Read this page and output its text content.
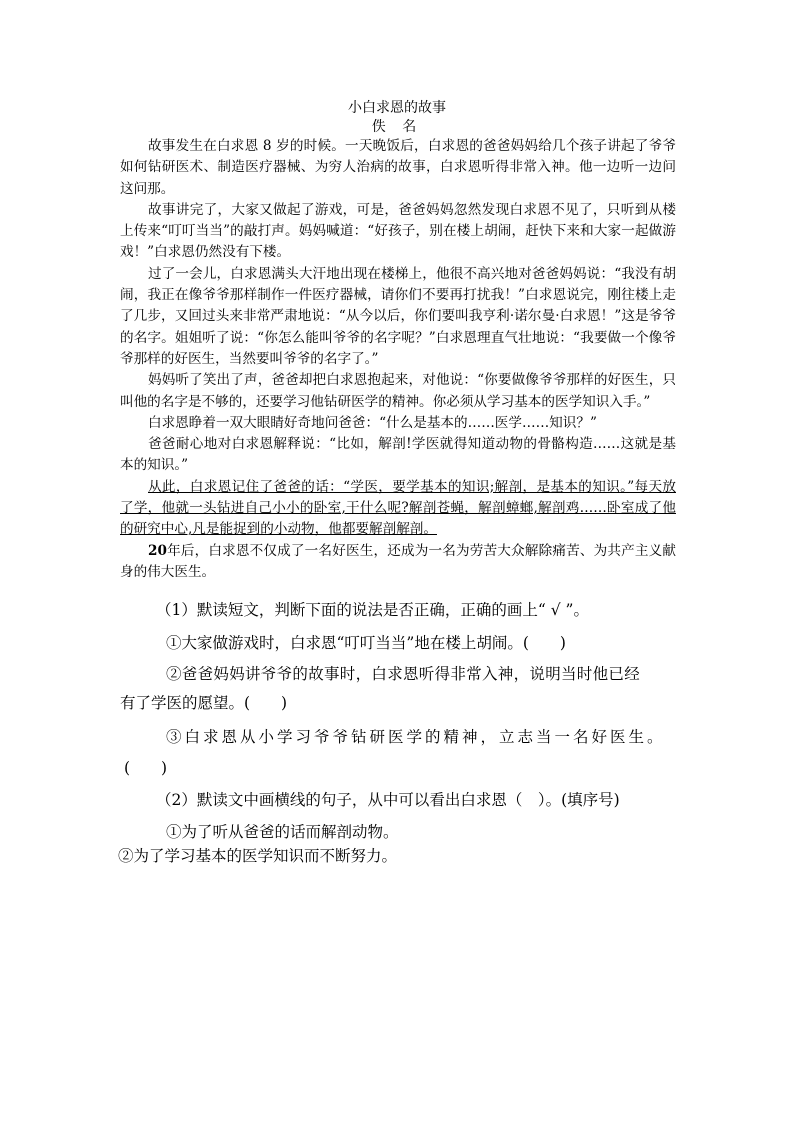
小白求恩的故事
佚 名

故事发生在白求恩 8 岁的时候。一天晚饭后，白求恩的爸爸妈妈给几个孩子讲起了爷爷如何钻研医术、制造医疗器械、为穷人治病的故事，白求恩听得非常入神。他一边听一边问这问那。

故事讲完了，大家又做起了游戏，可是，爸爸妈妈忽然发现白求恩不见了，只听到从楼上传来“叮叮当当”的敲打声。妈妈喊道：“好孩子，别在楼上胡闹，赶快下来和大家一起做游戏！”白求恩仍然没有下楼。

过了一会儿，白求恩满头大汗地出现在楼梯上，他很不高兴地对爸爸妈妈说：“我没有胡闹，我正在像爷爷那样制作一件医疗器械，请你们不要再打扰我！”白求恩说完，刚往楼上走了几步，又回过头来非常严肃地说：“从今以后，你们要叫我亨利·诺尔曼·白求恩！”这是爷爷的名字。姐姐听了说：“你怎么能叫爷爷的名字呢？”白求恩理直气壮地说：“我要做一个像爷爷那样的好医生，当然要叫爷爷的名字了。”

妈妈听了笑出了声，爸爸却把白求恩抱起来，对他说：“你要做像爷爷那样的好医生，只叫他的名字是不够的，还要学习他钻研医学的精神。你必须从学习基本的医学知识入手。”

白求恩睁着一双大眼睛好奇地问爸爸：“什么是基本的……医学……知识？”

爸爸耐心地对白求恩解释说：“比如，解剖!学医就得知道动物的骨骼构造……这就是基本的知识。”

从此，白求恩记住了爸爸的话：“学医，要学基本的知识;解剖，是基本的知识。”每天放了学，他就一头钻进自己小小的卧室,干什么呢?解剖苍蝇，解剖蟑螂,解剖鸡……卧室成了他的研究中心,凡是能捉到的小动物，他都要解剖解剖。

20年后，白求恩不仅成了一名好医生，还成为一名为劳苦大众解除痛苦、为共产主义献身的伟大医生。

（1）默读短文，判断下面的说法是否正确，正确的画上“ √ ”。
①大家做游戏时，白求恩“叮叮当当”地在楼上胡闹。(　　)
②爸爸妈妈讲爷爷的故事时，白求恩听得非常入神，说明当时他已经
有了学医的愿望。(　　)
③白求恩从小学习爷爷钻研医学的精神，立志当一名好医生。
(　　)
（2）默读文中画横线的句子，从中可以看出白求恩（　）。(填序号)
①为了听从爸爸的话而解剖动物。
②为了学习基本的医学知识而不断努力。
